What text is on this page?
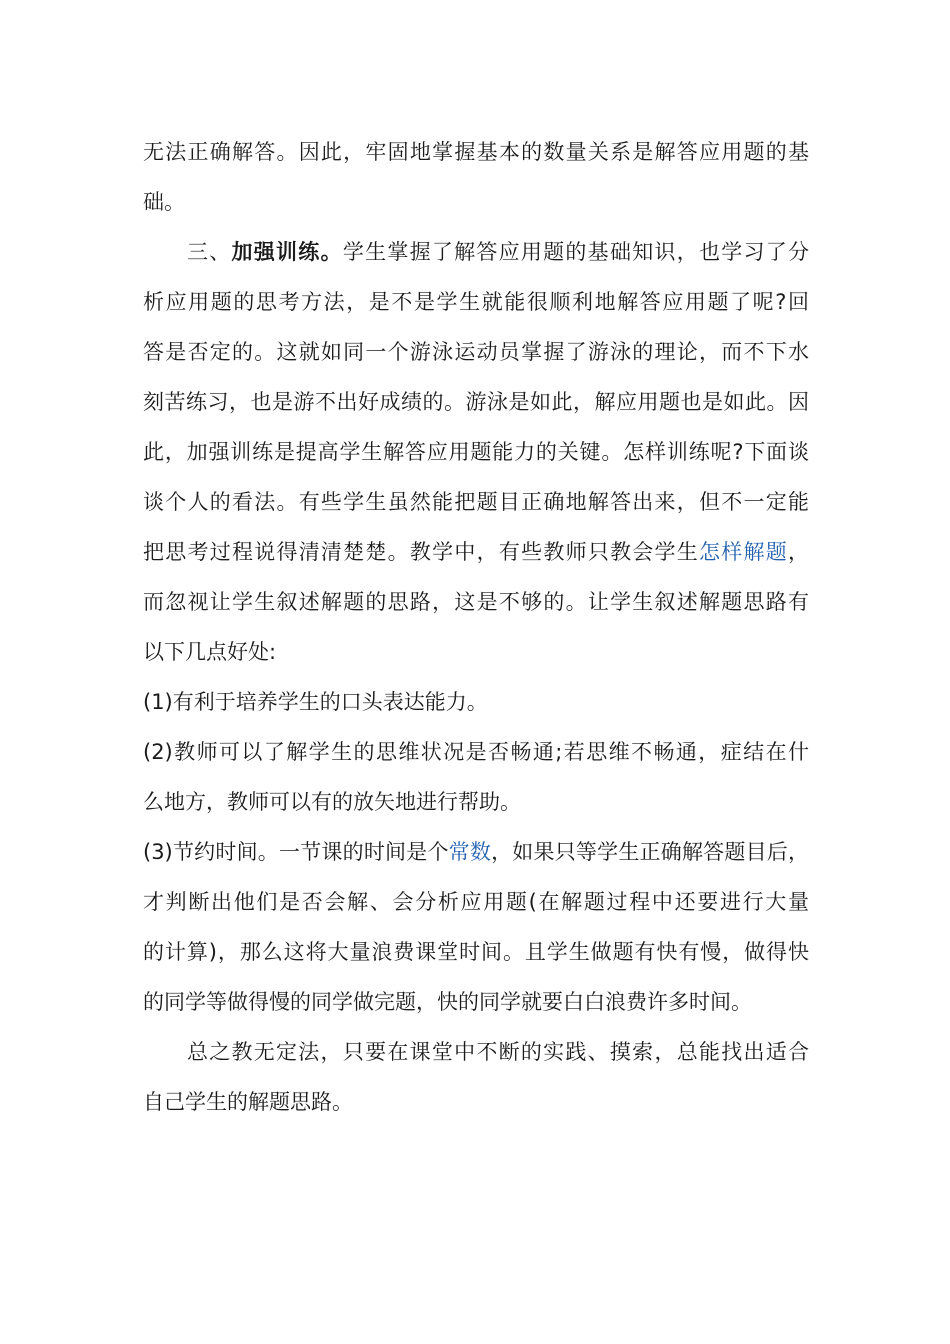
无法正确解答。因此，牢固地掌握基本的数量关系是解答应用题的基
础。
三、加强训练。学生掌握了解答应用题的基础知识，也学习了分
析应用题的思考方法，是不是学生就能很顺利地解答应用题了呢?回
答是否定的。这就如同一个游泳运动员掌握了游泳的理论，而不下水
刻苦练习，也是游不出好成绩的。游泳是如此，解应用题也是如此。因
此，加强训练是提高学生解答应用题能力的关键。怎样训练呢?下面谈
谈个人的看法。有些学生虽然能把题目正确地解答出来，但不一定能
把思考过程说得清清楚楚。教学中，有些教师只教会学生怎样解题，
而忽视让学生叙述解题的思路，这是不够的。让学生叙述解题思路有
以下几点好处:
(1)有利于培养学生的口头表达能力。
(2)教师可以了解学生的思维状况是否畅通;若思维不畅通，症结在什
么地方，教师可以有的放矢地进行帮助。
(3)节约时间。一节课的时间是个常数，如果只等学生正确解答题目后，
才判断出他们是否会解、会分析应用题(在解题过程中还要进行大量
的计算)，那么这将大量浪费课堂时间。且学生做题有快有慢，做得快
的同学等做得慢的同学做完题，快的同学就要白白浪费许多时间。
总之教无定法，只要在课堂中不断的实践、摸索，总能找出适合
自己学生的解题思路。
